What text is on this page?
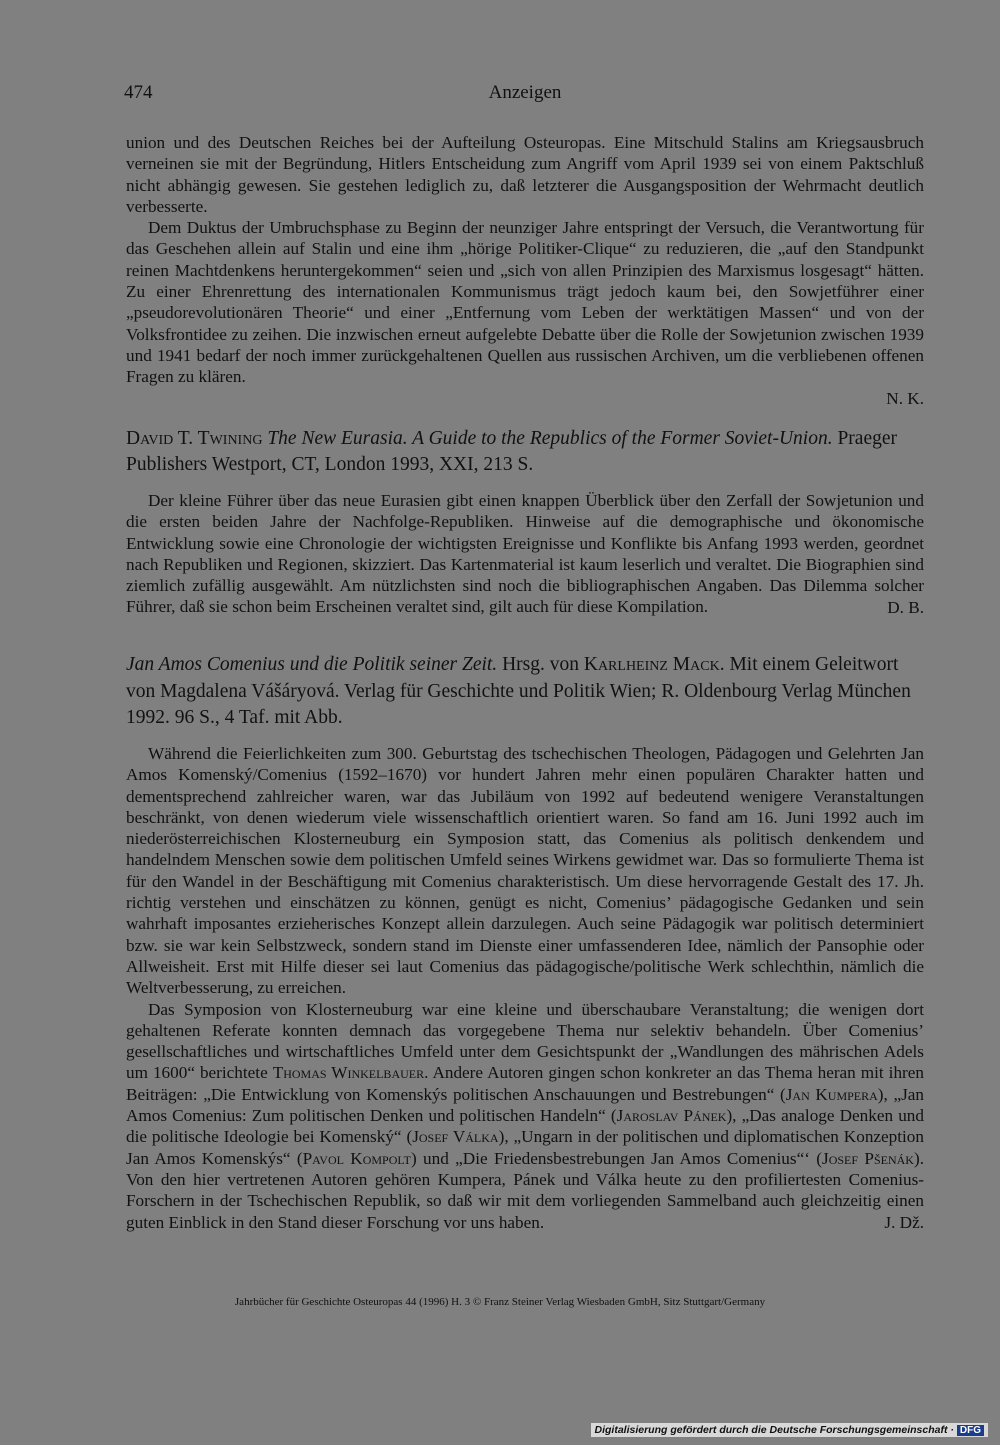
474	Anzeigen

union und des Deutschen Reiches bei der Aufteilung Osteuropas. Eine Mitschuld Stalins am Kriegsausbruch verneinen sie mit der Begründung, Hitlers Entscheidung zum Angriff vom April 1939 sei von einem Paktschluß nicht abhängig gewesen. Sie gestehen lediglich zu, daß letzterer die Ausgangsposition der Wehrmacht deutlich verbesserte.

Dem Duktus der Umbruchsphase zu Beginn der neunziger Jahre entspringt der Versuch, die Verantwortung für das Geschehen allein auf Stalin und eine ihm „hörige Politiker-Clique“ zu reduzieren, die „auf den Standpunkt reinen Machtdenkens heruntergekommen“ seien und „sich von allen Prinzipien des Marxismus losgesagt“ hätten. Zu einer Ehrenrettung des internationalen Kommunismus trägt jedoch kaum bei, den Sowjetführer einer „pseudorevolutionären Theorie“ und einer „Entfernung vom Leben der werktätigen Massen“ und von der Volksfrontidee zu zeihen. Die inzwischen erneut aufgelebte Debatte über die Rolle der Sowjetunion zwischen 1939 und 1941 bedarf der noch immer zurückgehaltenen Quellen aus russischen Archiven, um die verbliebenen offenen Fragen zu klären.

N. K.
David T. Twining The New Eurasia. A Guide to the Republics of the Former Soviet-Union. Praeger Publishers Westport, CT, London 1993, XXI, 213 S.

Der kleine Führer über das neue Eurasien gibt einen knappen Überblick über den Zerfall der Sowjetunion und die ersten beiden Jahre der Nachfolge-Republiken. Hinweise auf die demographische und ökonomische Entwicklung sowie eine Chronologie der wichtigsten Ereignisse und Konflikte bis Anfang 1993 werden, geordnet nach Republiken und Regionen, skizziert. Das Kartenmaterial ist kaum leserlich und veraltet. Die Biographien sind ziemlich zufällig ausgewählt. Am nützlichsten sind noch die bibliographischen Angaben. Das Dilemma solcher Führer, daß sie schon beim Erscheinen veraltet sind, gilt auch für diese Kompilation.	D. B.
Jan Amos Comenius und die Politik seiner Zeit. Hrsg. von Karlheinz Mack. Mit einem Geleitwort von Magdalena Vášáryová. Verlag für Geschichte und Politik Wien; R. Oldenbourg Verlag München 1992. 96 S., 4 Taf. mit Abb.

Während die Feierlichkeiten zum 300. Geburtstag des tschechischen Theologen, Pädagogen und Gelehrten Jan Amos Komenský/Comenius (1592–1670) vor hundert Jahren mehr einen populären Charakter hatten und dementsprechend zahlreicher waren, war das Jubiläum von 1992 auf bedeutend wenigere Veranstaltungen beschränkt, von denen wiederum viele wissenschaftlich orientiert waren. So fand am 16. Juni 1992 auch im niederösterreichischen Klosterneuburg ein Symposion statt, das Comenius als politisch denkendem und handelndem Menschen sowie dem politischen Umfeld seines Wirkens gewidmet war. Das so formulierte Thema ist für den Wandel in der Beschäftigung mit Comenius charakteristisch. Um diese hervorragende Gestalt des 17. Jh. richtig verstehen und einschätzen zu können, genügt es nicht, Comenius’ pädagogische Gedanken und sein wahrhaft imposantes erzieherisches Konzept allein darzulegen. Auch seine Pädagogik war politisch determiniert bzw. sie war kein Selbstzweck, sondern stand im Dienste einer umfassenderen Idee, nämlich der Pansophie oder Allweisheit. Erst mit Hilfe dieser sei laut Comenius das pädagogische/politische Werk schlechthin, nämlich die Weltverbesserung, zu erreichen.

Das Symposion von Klosterneuburg war eine kleine und überschaubare Veranstaltung; die wenigen dort gehaltenen Referate konnten demnach das vorgegebene Thema nur selektiv behandeln. Über Comenius’ gesellschaftliches und wirtschaftliches Umfeld unter dem Gesichtspunkt der „Wandlungen des mährischen Adels um 1600“ berichtete Thomas Winkelbauer. Andere Autoren gingen schon konkreter an das Thema heran mit ihren Beiträgen: „Die Entwicklung von Komenskýs politischen Anschauungen und Bestrebungen“ (Jan Kumpera), „Jan Amos Comenius: Zum politischen Denken und politischen Handeln“ (Jaroslav Pánek), „Das analoge Denken und die politische Ideologie bei Komenský“ (Josef Válka), „Ungarn in der politischen und diplomatischen Konzeption Jan Amos Komenskýs“ (Pavol Kompolt) und „Die Friedensbestrebungen Jan Amos Comenius“‘ (Josef Pšenák). Von den hier vertretenen Autoren gehören Kumpera, Pánek und Válka heute zu den profiliertesten Comenius-Forschern in der Tschechischen Republik, so daß wir mit dem vorliegenden Sammelband auch gleichzeitig einen guten Einblick in den Stand dieser Forschung vor uns haben.	J. Dž.
Jahrbücher für Geschichte Osteuropas 44 (1996) H. 3 © Franz Steiner Verlag Wiesbaden GmbH, Sitz Stuttgart/Germany
Digitalisierung gefördert durch die Deutsche Forschungsgemeinschaft · DFG
